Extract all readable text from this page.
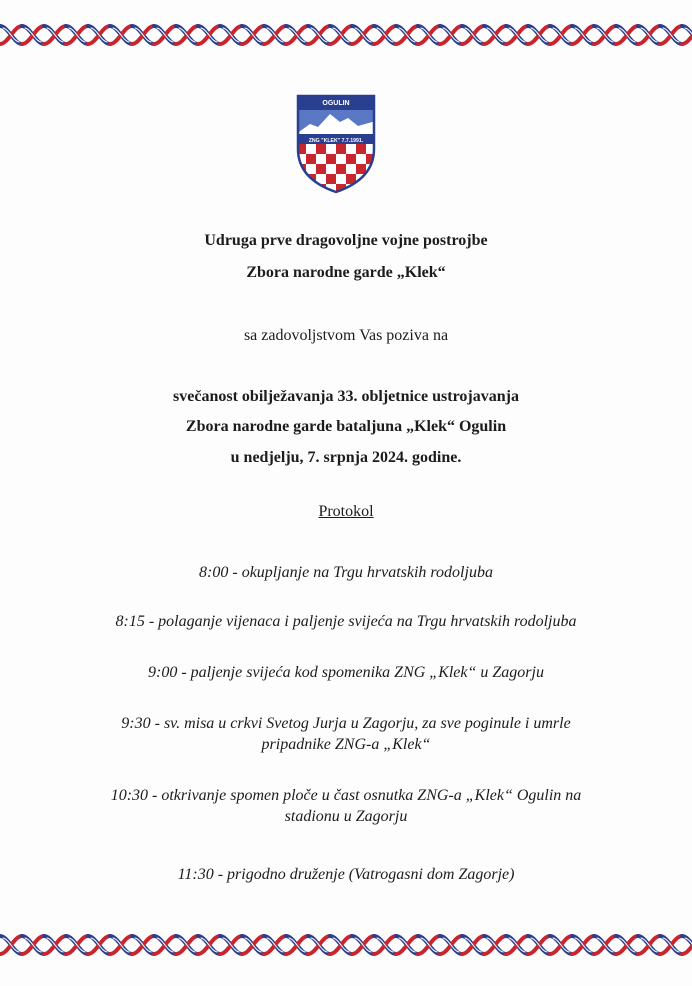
OGULIN
ZNG "KLEK" 7.7.1991.
Udruga prve dragovoljne vojne postrojbe
Zbora narodne garde „Klek“
sa zadovoljstvom Vas poziva na
svečanost obilježavanja 33. obljetnice ustrojavanja
Zbora narodne garde bataljuna „Klek“ Ogulin
u nedjelju, 7. srpnja 2024. godine.
Protokol
8:00 - okupljanje na Trgu hrvatskih rodoljuba
8:15 - polaganje vijenaca i paljenje svijeća na Trgu hrvatskih rodoljuba
9:00 - paljenje svijeća kod spomenika ZNG „Klek“ u Zagorju
9:30 - sv. misa u crkvi Svetog Jurja u Zagorju, za sve poginule i umrle
pripadnike ZNG-a „Klek“
10:30 - otkrivanje spomen ploče u čast osnutka ZNG-a „Klek“ Ogulin na
stadionu u Zagorju
11:30 - prigodno druženje (Vatrogasni dom Zagorje)
